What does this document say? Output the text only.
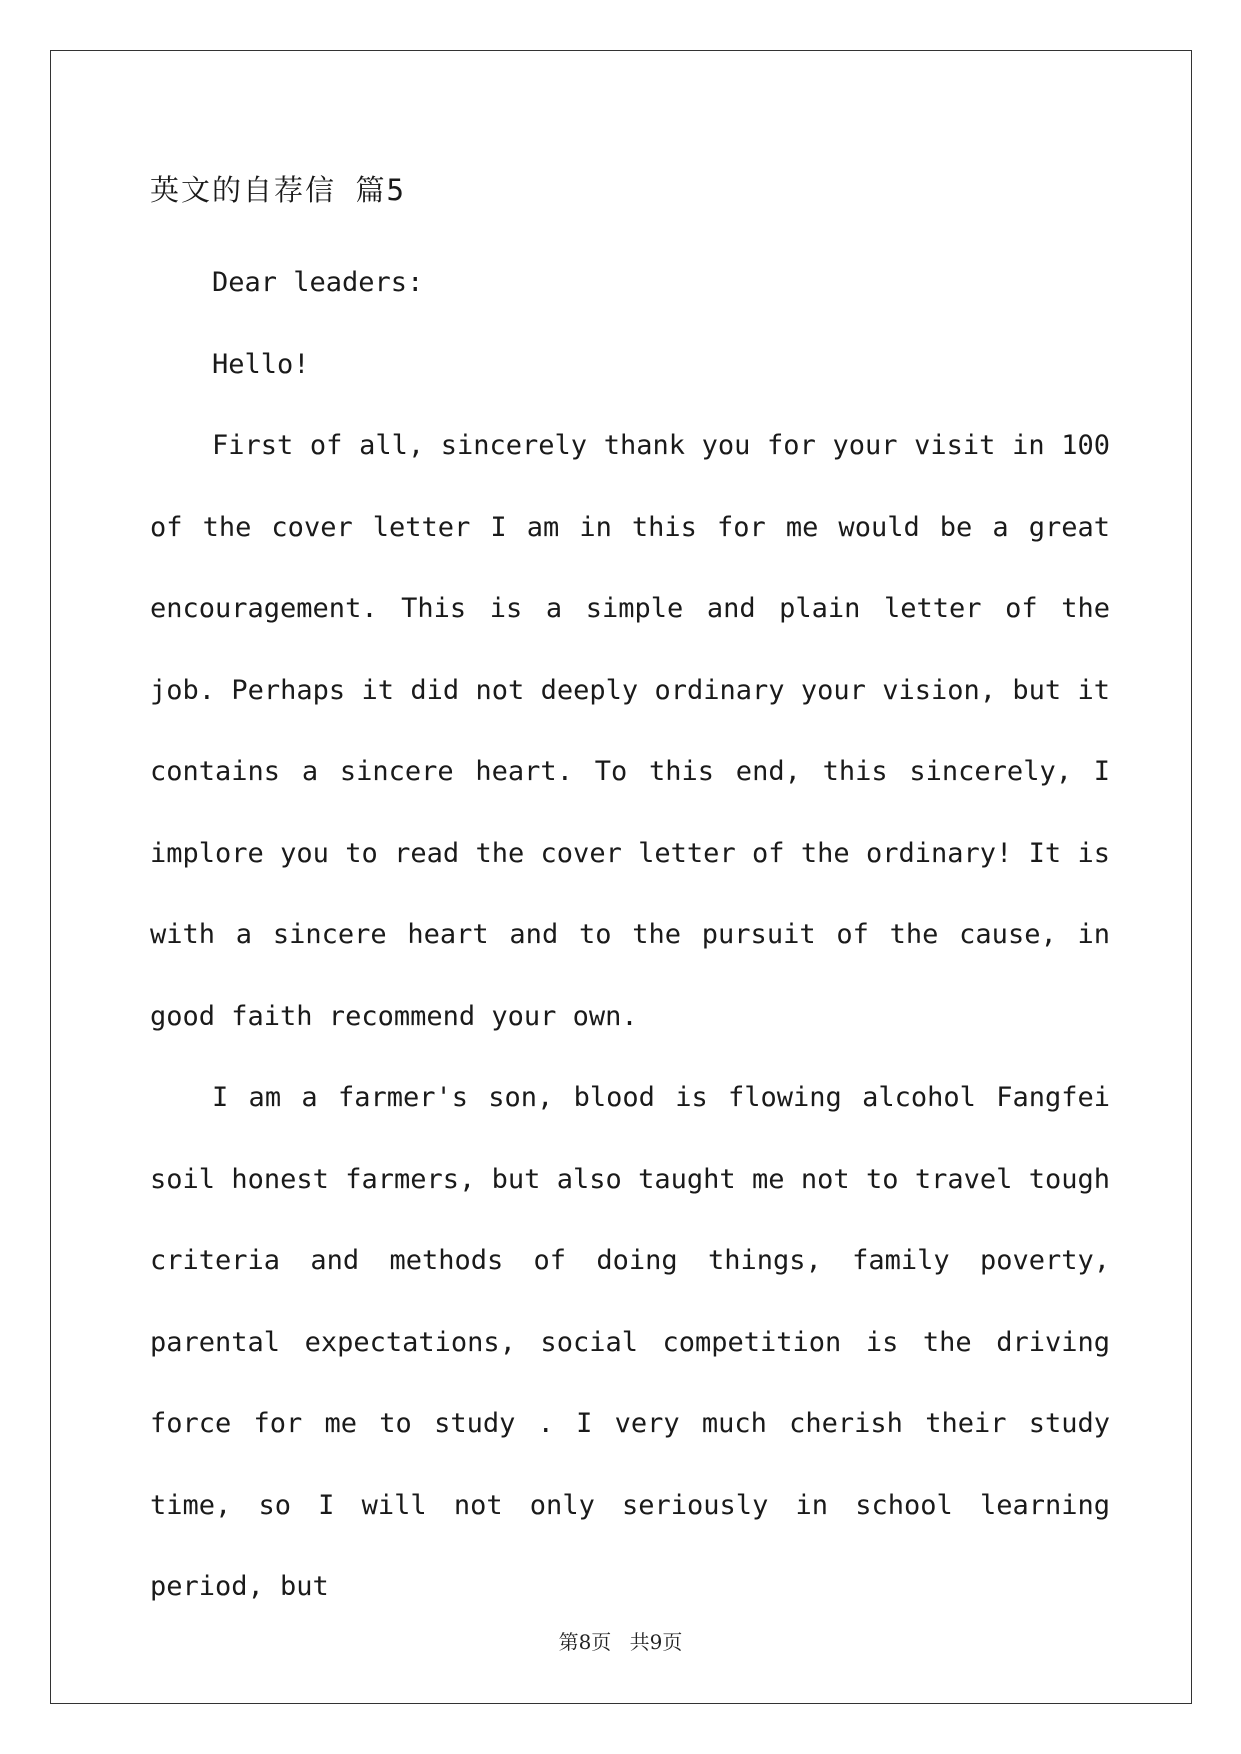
英文的自荐信 篇5

Dear leaders:

Hello!

First of all, sincerely thank you for your visit in 100 of the cover letter I am in this for me would be a great encouragement. This is a simple and plain letter of the job. Perhaps it did not deeply ordinary your vision, but it contains a sincere heart. To this end, this sincerely, I implore you to read the cover letter of the ordinary! It is with a sincere heart and to the pursuit of the cause, in good faith recommend your own.

I am a farmer's son, blood is flowing alcohol Fangfei soil honest farmers, but also taught me not to travel tough criteria and methods of doing things, family poverty, parental expectations, social competition is the driving force for me to study . I very much cherish their study time, so I will not only seriously in school learning period, but

第8页 共9页
